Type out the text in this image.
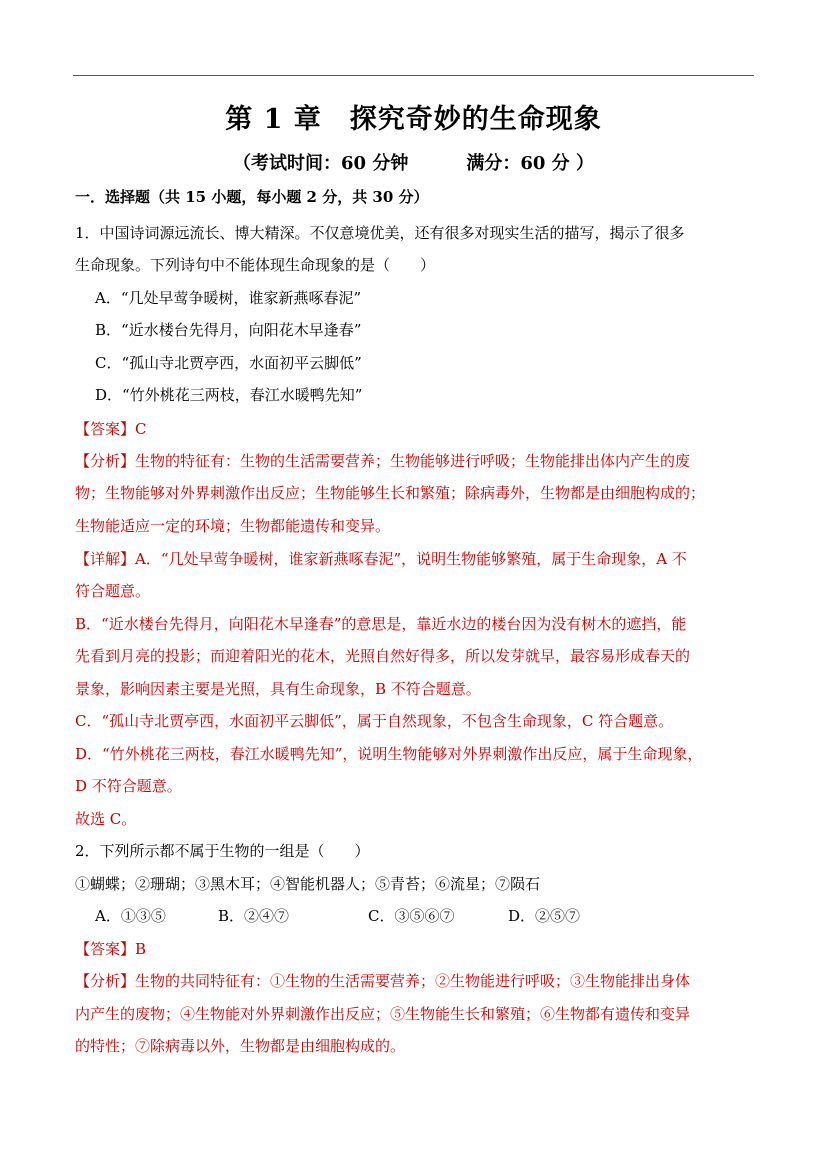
第 1 章　探究奇妙的生命现象
（考试时间：60 分钟	满分：60 分 ）
一．选择题（共 15 小题，每小题 2 分，共 30 分）
1．中国诗词源远流长、博大精深。不仅意境优美，还有很多对现实生活的描写，揭示了很多
生命现象。下列诗句中不能体现生命现象的是（　　）
A．“几处早莺争暖树，谁家新燕啄春泥”
B．“近水楼台先得月，向阳花木早逢春”
C．“孤山寺北贾亭西，水面初平云脚低”
D．“竹外桃花三两枝，春江水暖鸭先知”
【答案】C
【分析】生物的特征有：生物的生活需要营养；生物能够进行呼吸；生物能排出体内产生的废
物；生物能够对外界刺激作出反应；生物能够生长和繁殖；除病毒外，生物都是由细胞构成的；
生物能适应一定的环境；生物都能遗传和变异。
【详解】A．“几处早莺争暖树，谁家新燕啄春泥”，说明生物能够繁殖，属于生命现象，A 不
符合题意。
B．“近水楼台先得月，向阳花木早逢春”的意思是，靠近水边的楼台因为没有树木的遮挡，能
先看到月亮的投影；而迎着阳光的花木，光照自然好得多，所以发芽就早，最容易形成春天的
景象，影响因素主要是光照，具有生命现象，B 不符合题意。
C．“孤山寺北贾亭西，水面初平云脚低”，属于自然现象，不包含生命现象，C 符合题意。
D．“竹外桃花三两枝，春江水暖鸭先知”，说明生物能够对外界刺激作出反应，属于生命现象，
D 不符合题意。
故选 C。
2．下列所示都不属于生物的一组是（　　）
①蝴蝶；②珊瑚；③黑木耳；④智能机器人；⑤青苔；⑥流星；⑦陨石
A．①③⑤	B．②④⑦	C．③⑤⑥⑦	D．②⑤⑦
【答案】B
【分析】生物的共同特征有：①生物的生活需要营养；②生物能进行呼吸；③生物能排出身体
内产生的废物；④生物能对外界刺激作出反应；⑤生物能生长和繁殖；⑥生物都有遗传和变异
的特性；⑦除病毒以外，生物都是由细胞构成的。
